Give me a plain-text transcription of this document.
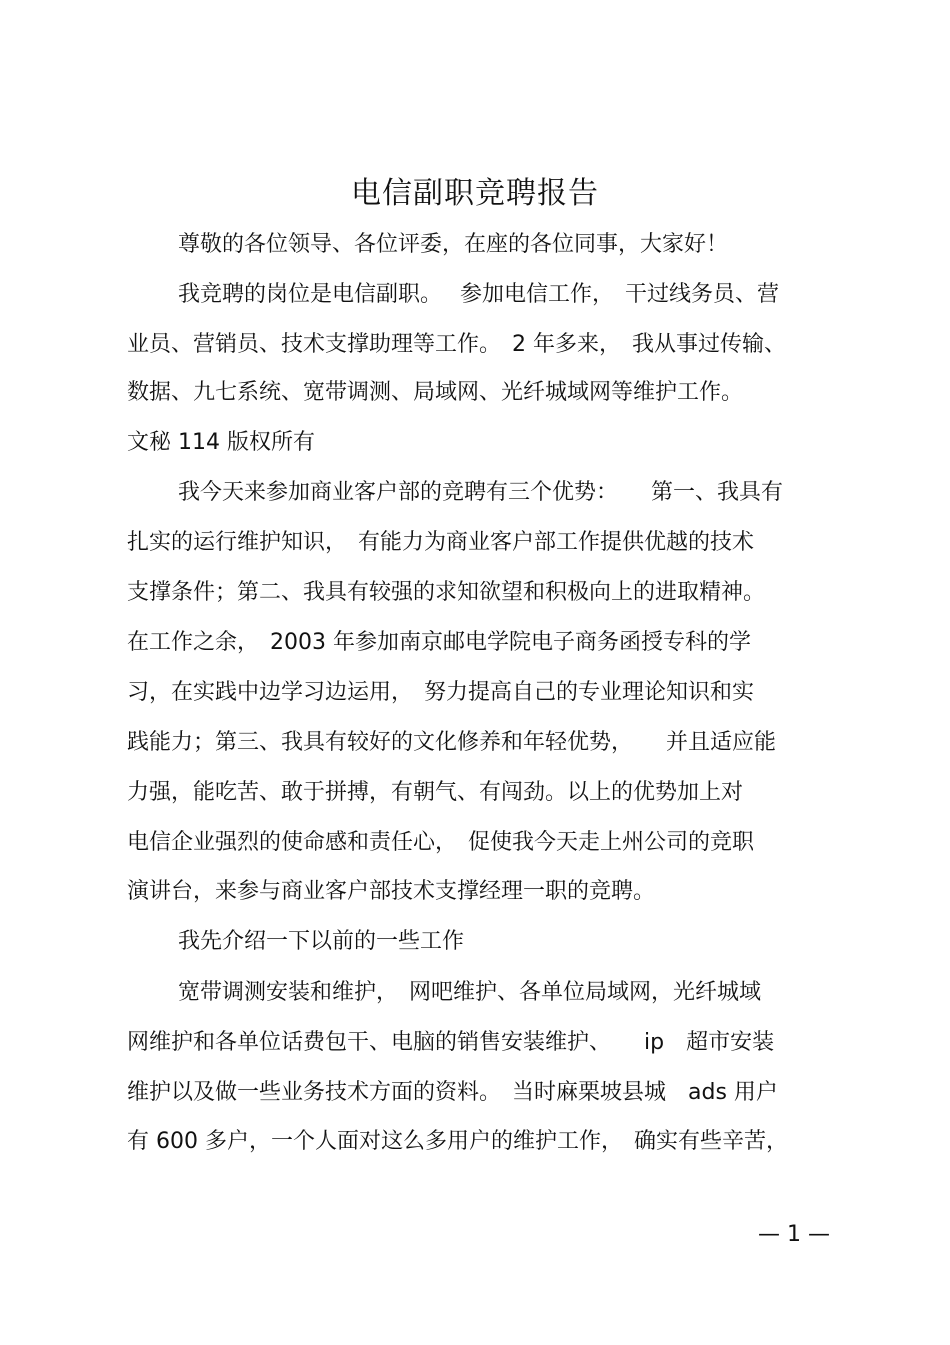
电信副职竞聘报告
尊敬的各位领导、各位评委，在座的各位同事，大家好！
我竞聘的岗位是电信副职。　 参加电信工作，　干过线务员、营
业员、营销员、技术支撑助理等工作。　2 年多来，　我从事过传输、
数据、九七系统、宽带调测、局域网、光纤城域网等维护工作。
文秘 114 版权所有
我今天来参加商业客户部的竞聘有三个优势：　　第一、我具有
扎实的运行维护知识，　有能力为商业客户部工作提供优越的技术
支撑条件；第二、我具有较强的求知欲望和积极向上的进取精神。
在工作之余，　2003 年参加南京邮电学院电子商务函授专科的学
习，在实践中边学习边运用，　努力提高自己的专业理论知识和实
践能力；第三、我具有较好的文化修养和年轻优势，　　并且适应能
力强，能吃苦、敢于拼搏，有朝气、有闯劲。以上的优势加上对
电信企业强烈的使命感和责任心，　促使我今天走上州公司的竞职
演讲台，来参与商业客户部技术支撑经理一职的竞聘。
我先介绍一下以前的一些工作
宽带调测安装和维护，　网吧维护、各单位局域网，光纤城域
网维护和各单位话费包干、电脑的销售安装维护、　　ip　超市安装
维护以及做一些业务技术方面的资料。　当时麻栗坡县城　ads 用户
有 600 多户，一个人面对这么多用户的维护工作，　确实有些辛苦，
— 1 —
